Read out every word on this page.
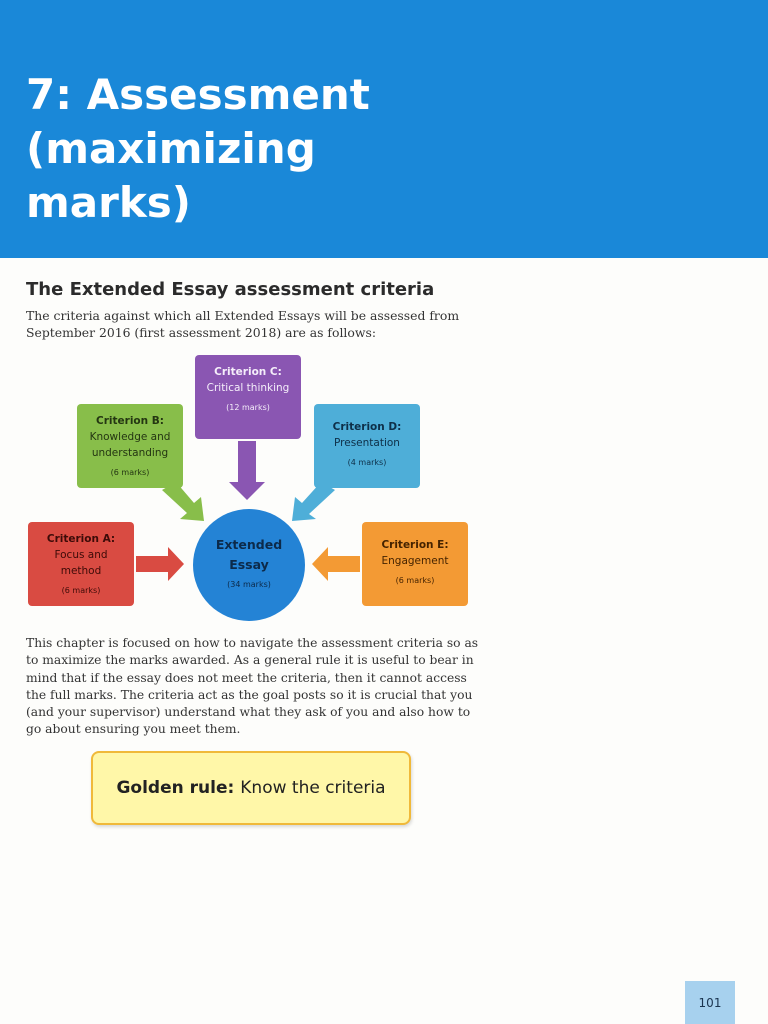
7: Assessment
(maximizing
marks)
The Extended Essay assessment criteria

The criteria against which all Extended Essays will be assessed from
September 2016 (first assessment 2018) are as follows:

Criterion C:
Critical thinking
(12 marks)
Criterion B:
Knowledge and
understanding
(6 marks)
Criterion D:
Presentation
(4 marks)
Criterion A:
Focus and
method
(6 marks)
Criterion E:
Engagement
(6 marks)
Extended
Essay
(34 marks)

This chapter is focused on how to navigate the assessment criteria so as
to maximize the marks awarded. As a general rule it is useful to bear in
mind that if the essay does not meet the criteria, then it cannot access
the full marks. The criteria act as the goal posts so it is crucial that you
(and your supervisor) understand what they ask of you and also how to
go about ensuring you meet them.

Golden rule: Know the criteria
101
